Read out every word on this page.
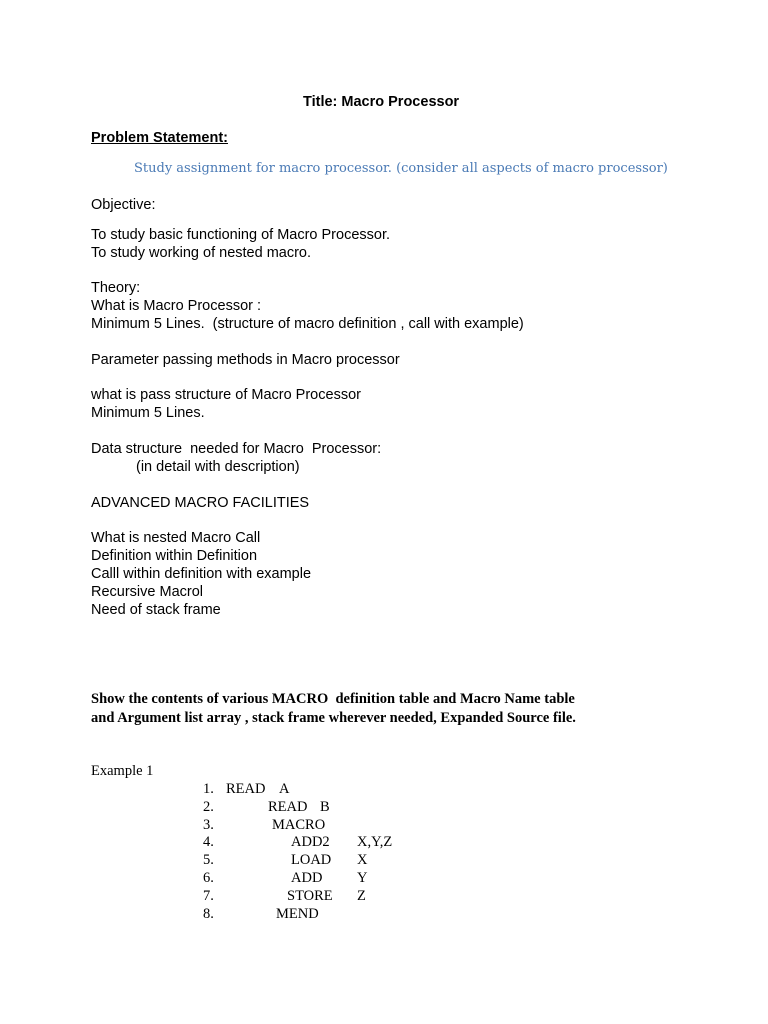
Title: Macro Processor
Problem Statement:
Study assignment for macro processor. (consider all aspects of macro processor)
Objective:
To study basic functioning of Macro Processor.
To study working of nested macro.
Theory:
What is Macro Processor :
Minimum 5 Lines.  (structure of macro definition , call with example)
Parameter passing methods in Macro processor
what is pass structure of Macro Processor
Minimum 5 Lines.
Data structure  needed for Macro  Processor:
(in detail with description)
ADVANCED MACRO FACILITIES
What is nested Macro Call
Definition within Definition
Calll within definition with example
Recursive Macrol
Need of stack frame
Show the contents of various MACRO  definition table and Macro Name table
and Argument list array , stack frame wherever needed, Expanded Source file.
Example 1
1. READ A
2.	READ B
3.	MACRO
4.	ADD2 X,Y,Z
5.	LOAD X
6.	ADD Y
7.	STORE Z
8.	MEND
